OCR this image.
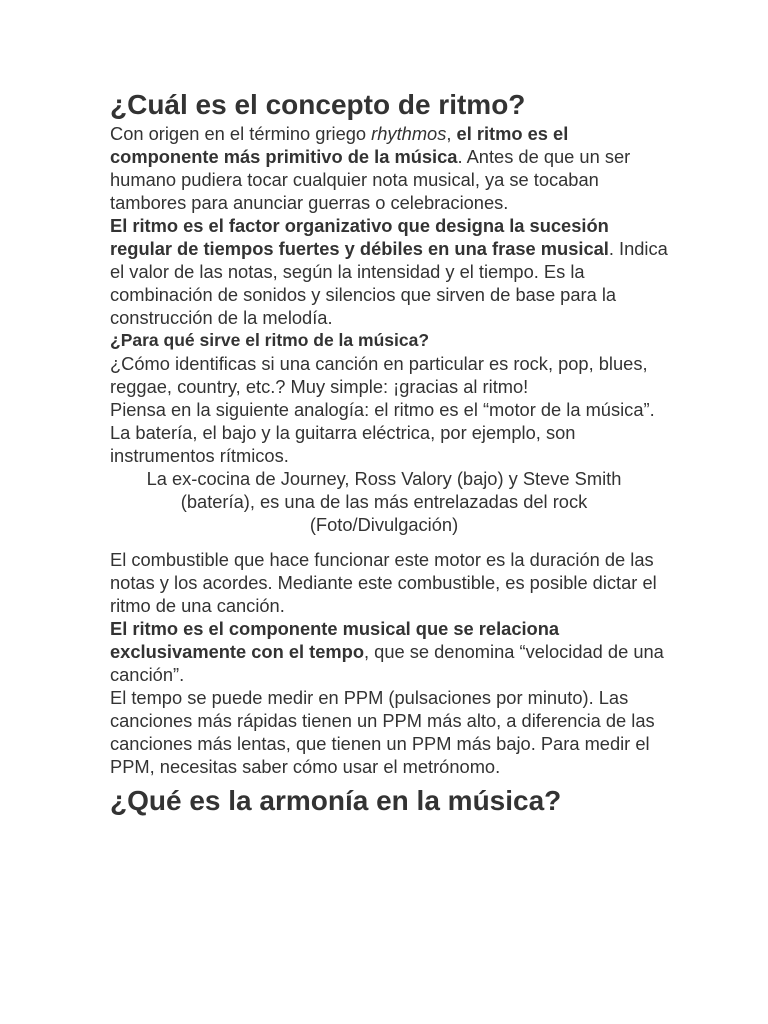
¿Cuál es el concepto de ritmo?

Con origen en el término griego rhythmos, el ritmo es el componente más primitivo de la música. Antes de que un ser humano pudiera tocar cualquier nota musical, ya se tocaban tambores para anunciar guerras o celebraciones.

El ritmo es el factor organizativo que designa la sucesión regular de tiempos fuertes y débiles en una frase musical. Indica el valor de las notas, según la intensidad y el tiempo. Es la combinación de sonidos y silencios que sirven de base para la construcción de la melodía.

¿Para qué sirve el ritmo de la música?

¿Cómo identificas si una canción en particular es rock, pop, blues, reggae, country, etc.? Muy simple: ¡gracias al ritmo!

Piensa en la siguiente analogía: el ritmo es el “motor de la música”. La batería, el bajo y la guitarra eléctrica, por ejemplo, son instrumentos rítmicos.

La ex-cocina de Journey, Ross Valory (bajo) y Steve Smith (batería), es una de las más entrelazadas del rock (Foto/Divulgación)

El combustible que hace funcionar este motor es la duración de las notas y los acordes. Mediante este combustible, es posible dictar el ritmo de una canción.

El ritmo es el componente musical que se relaciona exclusivamente con el tempo, que se denomina “velocidad de una canción”.

El tempo se puede medir en PPM (pulsaciones por minuto). Las canciones más rápidas tienen un PPM más alto, a diferencia de las canciones más lentas, que tienen un PPM más bajo. Para medir el PPM, necesitas saber cómo usar el metrónomo.

¿Qué es la armonía en la música?
